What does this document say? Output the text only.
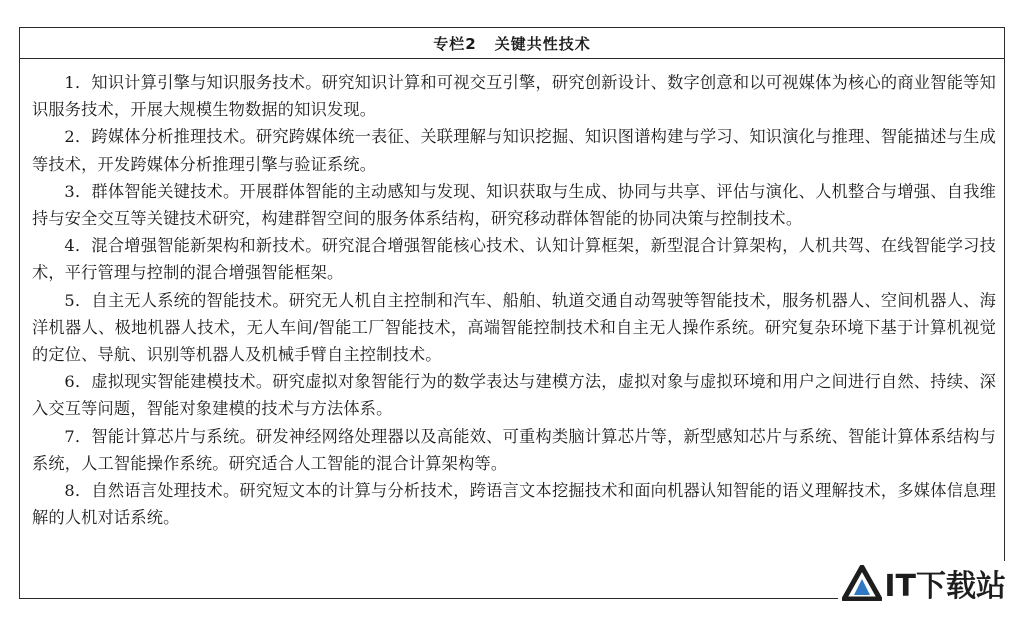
专栏2 关键共性技术

1．知识计算引擎与知识服务技术。研究知识计算和可视交互引擎，研究创新设计、数字创意和以可视媒体为核心的商业智能等知识服务技术，开展大规模生物数据的知识发现。

2．跨媒体分析推理技术。研究跨媒体统一表征、关联理解与知识挖掘、知识图谱构建与学习、知识演化与推理、智能描述与生成等技术，开发跨媒体分析推理引擎与验证系统。

3．群体智能关键技术。开展群体智能的主动感知与发现、知识获取与生成、协同与共享、评估与演化、人机整合与增强、自我维持与安全交互等关键技术研究，构建群智空间的服务体系结构，研究移动群体智能的协同决策与控制技术。

4．混合增强智能新架构和新技术。研究混合增强智能核心技术、认知计算框架，新型混合计算架构，人机共驾、在线智能学习技术，平行管理与控制的混合增强智能框架。

5．自主无人系统的智能技术。研究无人机自主控制和汽车、船舶、轨道交通自动驾驶等智能技术，服务机器人、空间机器人、海洋机器人、极地机器人技术，无人车间/智能工厂智能技术，高端智能控制技术和自主无人操作系统。研究复杂环境下基于计算机视觉的定位、导航、识别等机器人及机械手臂自主控制技术。

6．虚拟现实智能建模技术。研究虚拟对象智能行为的数学表达与建模方法，虚拟对象与虚拟环境和用户之间进行自然、持续、深入交互等问题，智能对象建模的技术与方法体系。

7．智能计算芯片与系统。研发神经网络处理器以及高能效、可重构类脑计算芯片等，新型感知芯片与系统、智能计算体系结构与系统，人工智能操作系统。研究适合人工智能的混合计算架构等。

8．自然语言处理技术。研究短文本的计算与分析技术，跨语言文本挖掘技术和面向机器认知智能的语义理解技术，多媒体信息理解的人机对话系统。

IT下载站
